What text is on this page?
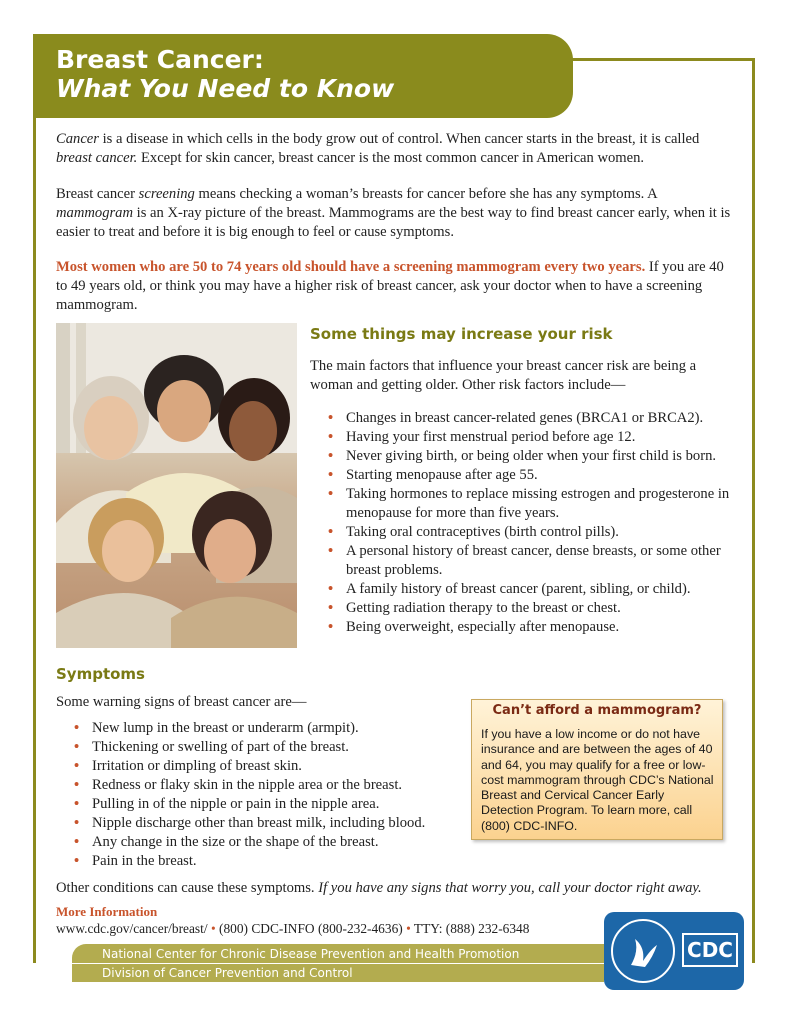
Breast Cancer:
What You Need to Know

Cancer is a disease in which cells in the body grow out of control. When cancer starts in the breast, it is called breast cancer. Except for skin cancer, breast cancer is the most common cancer in American women.

Breast cancer screening means checking a woman’s breasts for cancer before she has any symptoms. A mammogram is an X-ray picture of the breast. Mammograms are the best way to find breast cancer early, when it is easier to treat and before it is big enough to feel or cause symptoms.

Most women who are 50 to 74 years old should have a screening mammogram every two years. If you are 40 to 49 years old, or think you may have a higher risk of breast cancer, ask your doctor when to have a screening mammogram.

Some things may increase your risk

The main factors that influence your breast cancer risk are being a woman and getting older. Other risk factors include—

• Changes in breast cancer-related genes (BRCA1 or BRCA2).
• Having your first menstrual period before age 12.
• Never giving birth, or being older when your first child is born.
• Starting menopause after age 55.
• Taking hormones to replace missing estrogen and progesterone in menopause for more than five years.
• Taking oral contraceptives (birth control pills).
• A personal history of breast cancer, dense breasts, or some other breast problems.
• A family history of breast cancer (parent, sibling, or child).
• Getting radiation therapy to the breast or chest.
• Being overweight, especially after menopause.
Symptoms

Some warning signs of breast cancer are—

• New lump in the breast or underarm (armpit).
• Thickening or swelling of part of the breast.
• Irritation or dimpling of breast skin.
• Redness or flaky skin in the nipple area or the breast.
• Pulling in of the nipple or pain in the nipple area.
• Nipple discharge other than breast milk, including blood.
• Any change in the size or the shape of the breast.
• Pain in the breast.
Can’t afford a mammogram?
If you have a low income or do not have insurance and are between the ages of 40 and 64, you may qualify for a free or low-cost mammogram through CDC’s National Breast and Cervical Cancer Early Detection Program. To learn more, call (800) CDC-INFO.

Other conditions can cause these symptoms. If you have any signs that worry you, call your doctor right away.

More Information
www.cdc.gov/cancer/breast/ • (800) CDC-INFO (800-232-4636) • TTY: (888) 232-6348
National Center for Chronic Disease Prevention and Health Promotion
Division of Cancer Prevention and Control
CDC
